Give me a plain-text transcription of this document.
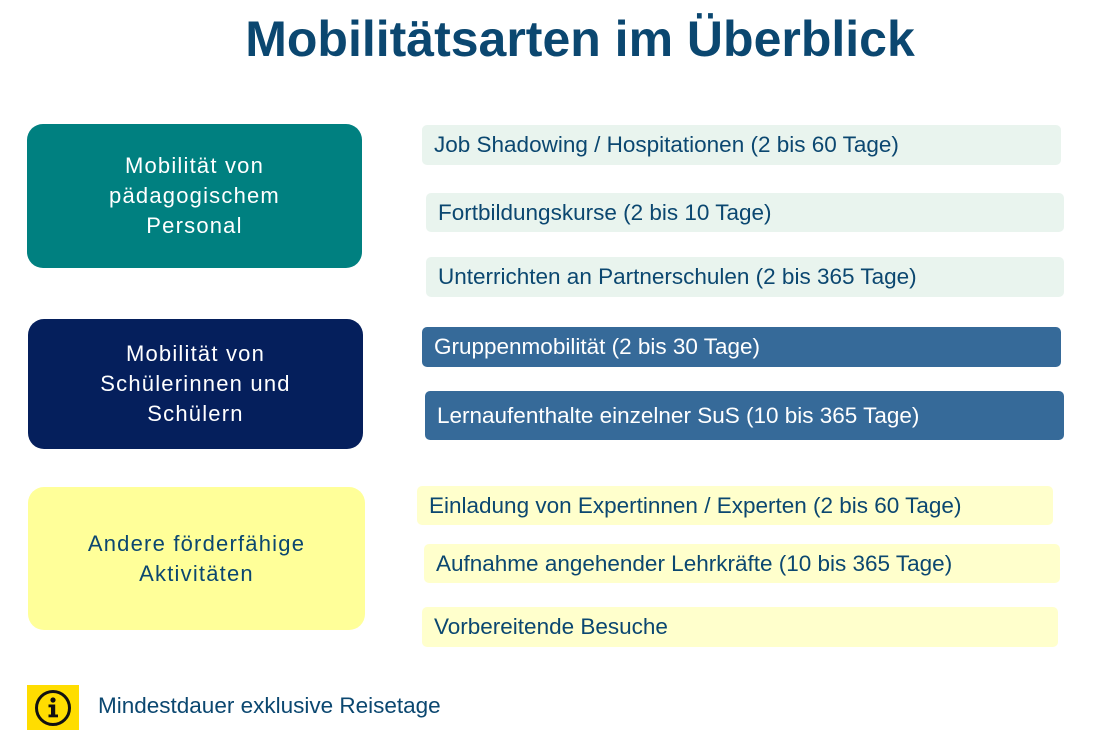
Mobilitätsarten im Überblick
Mobilität von
pädagogischem
Personal
Job Shadowing / Hospitationen (2 bis 60 Tage)
Fortbildungskurse (2 bis 10 Tage)
Unterrichten an Partnerschulen (2 bis 365 Tage)
Mobilität von
Schülerinnen und
Schülern
Gruppenmobilität (2 bis 30 Tage)
Lernaufenthalte einzelner SuS (10 bis 365 Tage)
Andere förderfähige
Aktivitäten
Einladung von Expertinnen / Experten (2 bis 60 Tage)
Aufnahme angehender Lehrkräfte (10 bis 365 Tage)
Vorbereitende Besuche
Mindestdauer exklusive Reisetage
